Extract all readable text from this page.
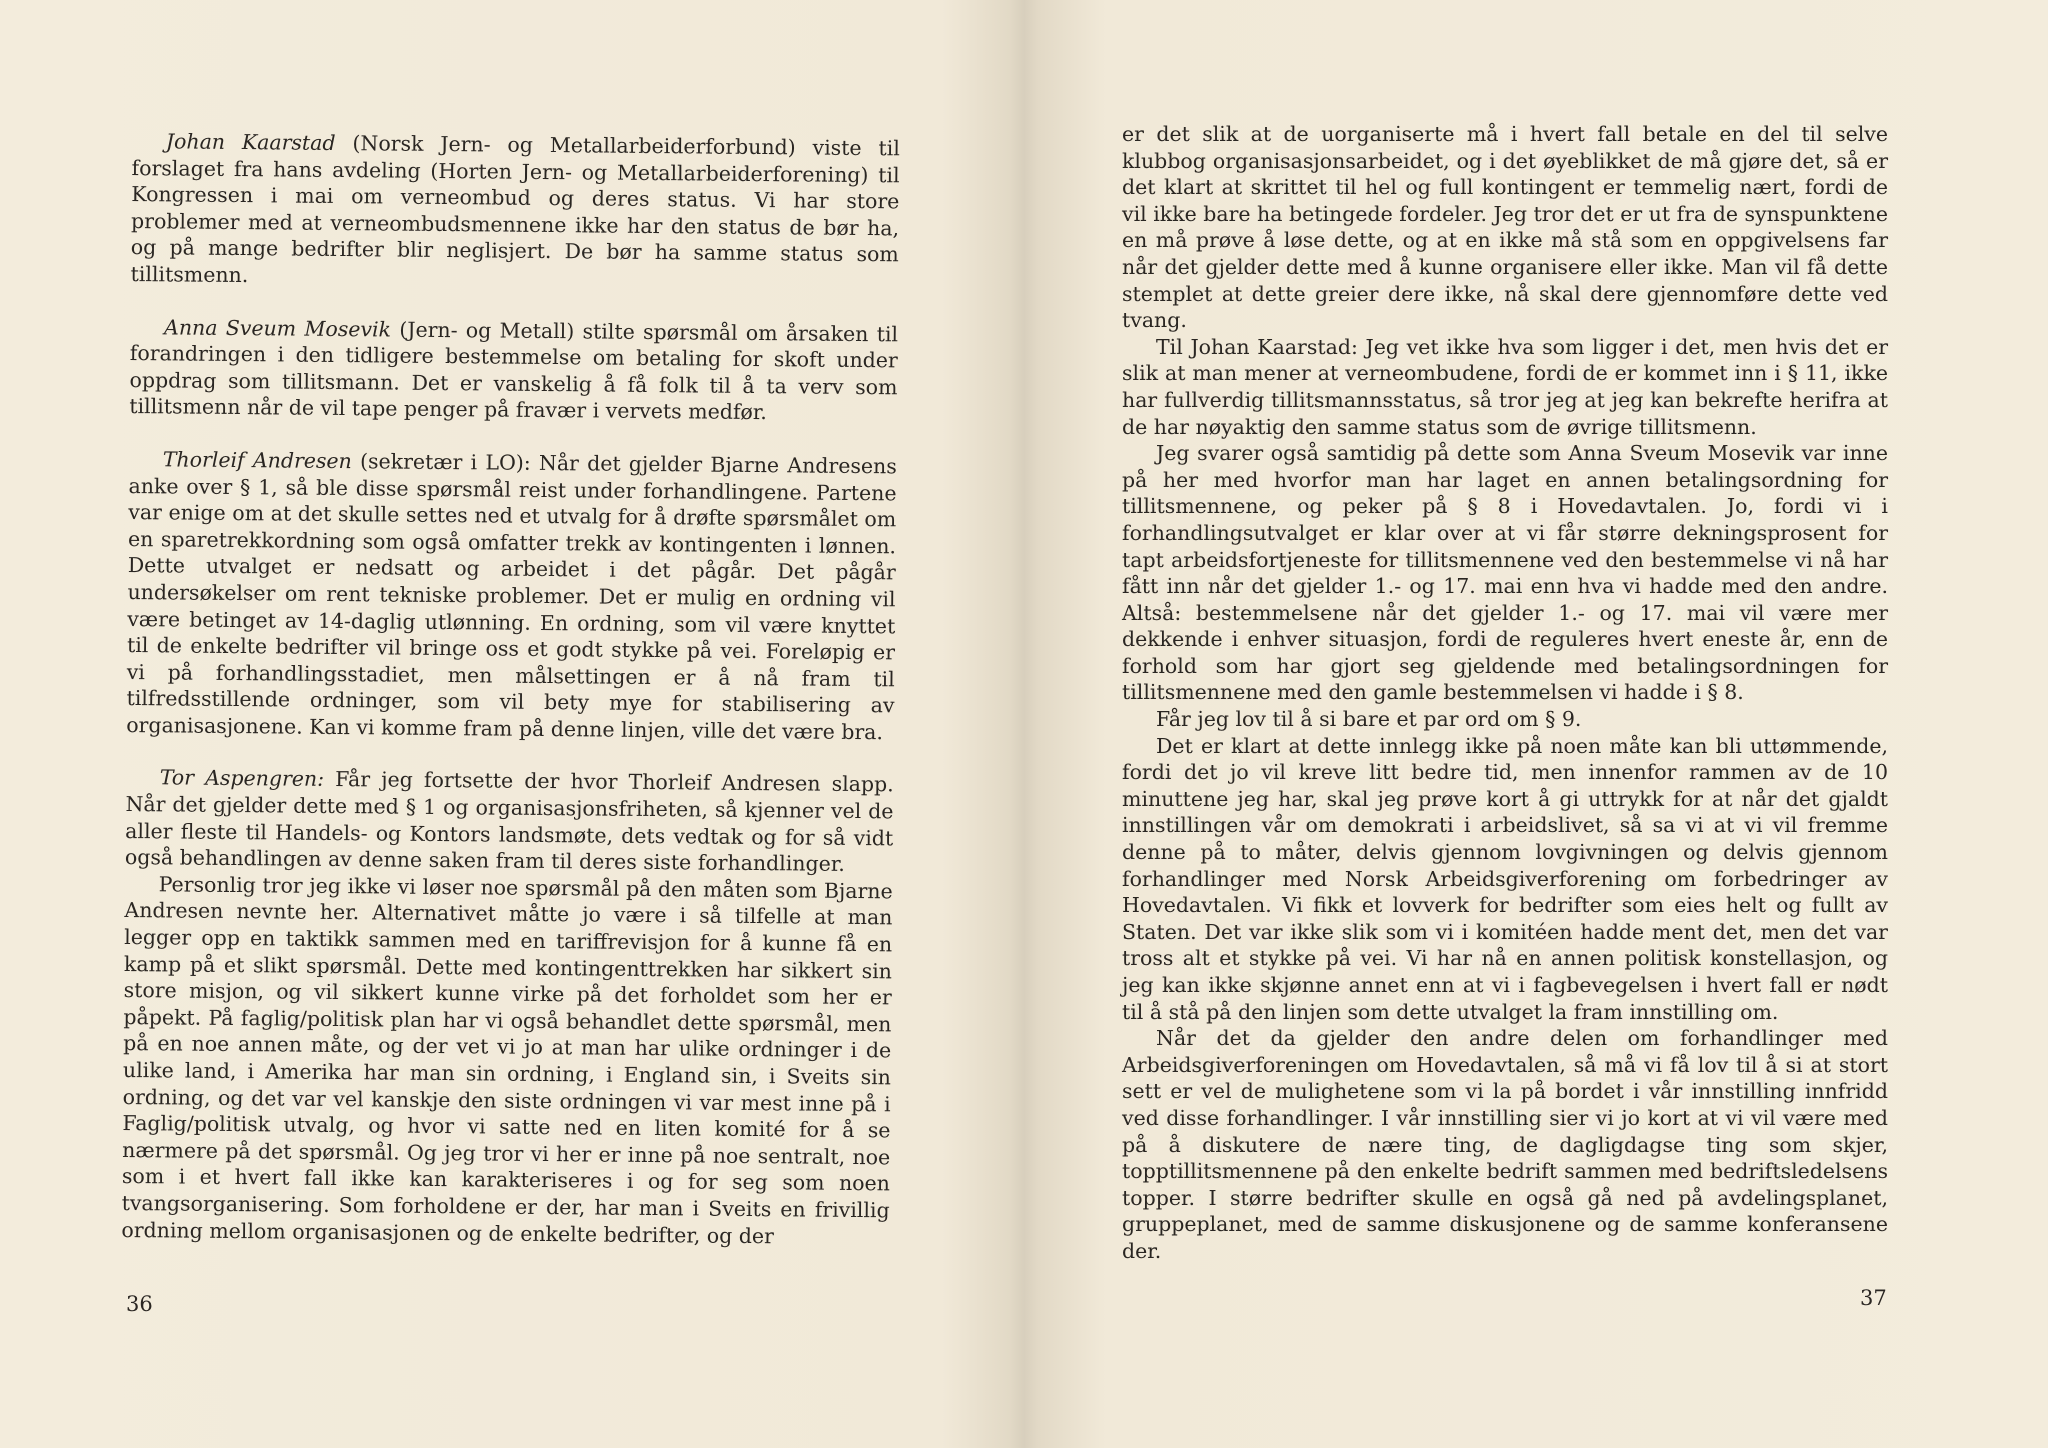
Johan Kaarstad (Norsk Jern- og Metallarbeiderforbund) viste til forslaget fra hans avdeling (Horten Jern- og Metallarbeiderforening) til Kongressen i mai om verneombud og deres status. Vi har store problemer med at verneombudsmennene ikke har den status de bør ha, og på mange bedrifter blir neglisjert. De bør ha samme status som tillitsmenn.

Anna Sveum Mosevik (Jern- og Metall) stilte spørsmål om årsaken til forandringen i den tidligere bestemmelse om betaling for skoft under oppdrag som tillitsmann. Det er vanskelig å få folk til å ta verv som tillitsmenn når de vil tape penger på fravær i vervets medfør.

Thorleif Andresen (sekretær i LO): Når det gjelder Bjarne Andresens anke over § 1, så ble disse spørsmål reist under forhandlingene. Partene var enige om at det skulle settes ned et utvalg for å drøfte spørsmålet om en sparetrekkordning som også omfatter trekk av kontingenten i lønnen. Dette utvalget er nedsatt og arbeidet i det pågår. Det pågår undersøkelser om rent tekniske problemer. Det er mulig en ordning vil være betinget av 14-daglig utlønning. En ordning, som vil være knyttet til de enkelte bedrifter vil bringe oss et godt stykke på vei. Foreløpig er vi på forhandlingsstadiet, men målsettingen er å nå fram til tilfredsstillende ordninger, som vil bety mye for stabilisering av organisasjonene. Kan vi komme fram på denne linjen, ville det være bra.

Tor Aspengren: Får jeg fortsette der hvor Thorleif Andresen slapp. Når det gjelder dette med § 1 og organisasjonsfriheten, så kjenner vel de aller fleste til Handels- og Kontors landsmøte, dets vedtak og for så vidt også behandlingen av denne saken fram til deres siste forhandlinger.

Personlig tror jeg ikke vi løser noe spørsmål på den måten som Bjarne Andresen nevnte her. Alternativet måtte jo være i så tilfelle at man legger opp en taktikk sammen med en tariffrevisjon for å kunne få en kamp på et slikt spørsmål. Dette med kontingenttrekken har sikkert sin store misjon, og vil sikkert kunne virke på det forholdet som her er påpekt. På faglig/politisk plan har vi også behandlet dette spørsmål, men på en noe annen måte, og der vet vi jo at man har ulike ordninger i de ulike land, i Amerika har man sin ordning, i England sin, i Sveits sin ordning, og det var vel kanskje den siste ordningen vi var mest inne på i Faglig/politisk utvalg, og hvor vi satte ned en liten komité for å se nærmere på det spørsmål. Og jeg tror vi her er inne på noe sentralt, noe som i et hvert fall ikke kan karakteriseres i og for seg som noen tvangsorganisering. Som forholdene er der, har man i Sveits en frivillig ordning mellom organisasjonen og de enkelte bedrifter, og der

36

er det slik at de uorganiserte må i hvert fall betale en del til selve klubbog organisasjonsarbeidet, og i det øyeblikket de må gjøre det, så er det klart at skrittet til hel og full kontingent er temmelig nært, fordi de vil ikke bare ha betingede fordeler. Jeg tror det er ut fra de synspunktene en må prøve å løse dette, og at en ikke må stå som en oppgivelsens far når det gjelder dette med å kunne organisere eller ikke. Man vil få dette stemplet at dette greier dere ikke, nå skal dere gjennomføre dette ved tvang.

Til Johan Kaarstad: Jeg vet ikke hva som ligger i det, men hvis det er slik at man mener at verneombudene, fordi de er kommet inn i § 11, ikke har fullverdig tillitsmannsstatus, så tror jeg at jeg kan bekrefte herifra at de har nøyaktig den samme status som de øvrige tillitsmenn.

Jeg svarer også samtidig på dette som Anna Sveum Mosevik var inne på her med hvorfor man har laget en annen betalingsordning for tillitsmennene, og peker på § 8 i Hovedavtalen. Jo, fordi vi i forhandlingsutvalget er klar over at vi får større dekningsprosent for tapt arbeidsfortjeneste for tillitsmennene ved den bestemmelse vi nå har fått inn når det gjelder 1.- og 17. mai enn hva vi hadde med den andre. Altså: bestemmelsene når det gjelder 1.- og 17. mai vil være mer dekkende i enhver situasjon, fordi de reguleres hvert eneste år, enn de forhold som har gjort seg gjeldende med betalingsordningen for tillitsmennene med den gamle bestemmelsen vi hadde i § 8.

Får jeg lov til å si bare et par ord om § 9.

Det er klart at dette innlegg ikke på noen måte kan bli uttømmende, fordi det jo vil kreve litt bedre tid, men innenfor rammen av de 10 minuttene jeg har, skal jeg prøve kort å gi uttrykk for at når det gjaldt innstillingen vår om demokrati i arbeidslivet, så sa vi at vi vil fremme denne på to måter, delvis gjennom lovgivningen og delvis gjennom forhandlinger med Norsk Arbeidsgiverforening om forbedringer av Hovedavtalen. Vi fikk et lovverk for bedrifter som eies helt og fullt av Staten. Det var ikke slik som vi i komitéen hadde ment det, men det var tross alt et stykke på vei. Vi har nå en annen politisk konstellasjon, og jeg kan ikke skjønne annet enn at vi i fagbevegelsen i hvert fall er nødt til å stå på den linjen som dette utvalget la fram innstilling om.

Når det da gjelder den andre delen om forhandlinger med Arbeidsgiverforeningen om Hovedavtalen, så må vi få lov til å si at stort sett er vel de mulighetene som vi la på bordet i vår innstilling innfridd ved disse forhandlinger. I vår innstilling sier vi jo kort at vi vil være med på å diskutere de nære ting, de dagligdagse ting som skjer, topptillitsmennene på den enkelte bedrift sammen med bedriftsledelsens topper. I større bedrifter skulle en også gå ned på avdelingsplanet, gruppeplanet, med de samme diskusjonene og de samme konferansene der.

37
